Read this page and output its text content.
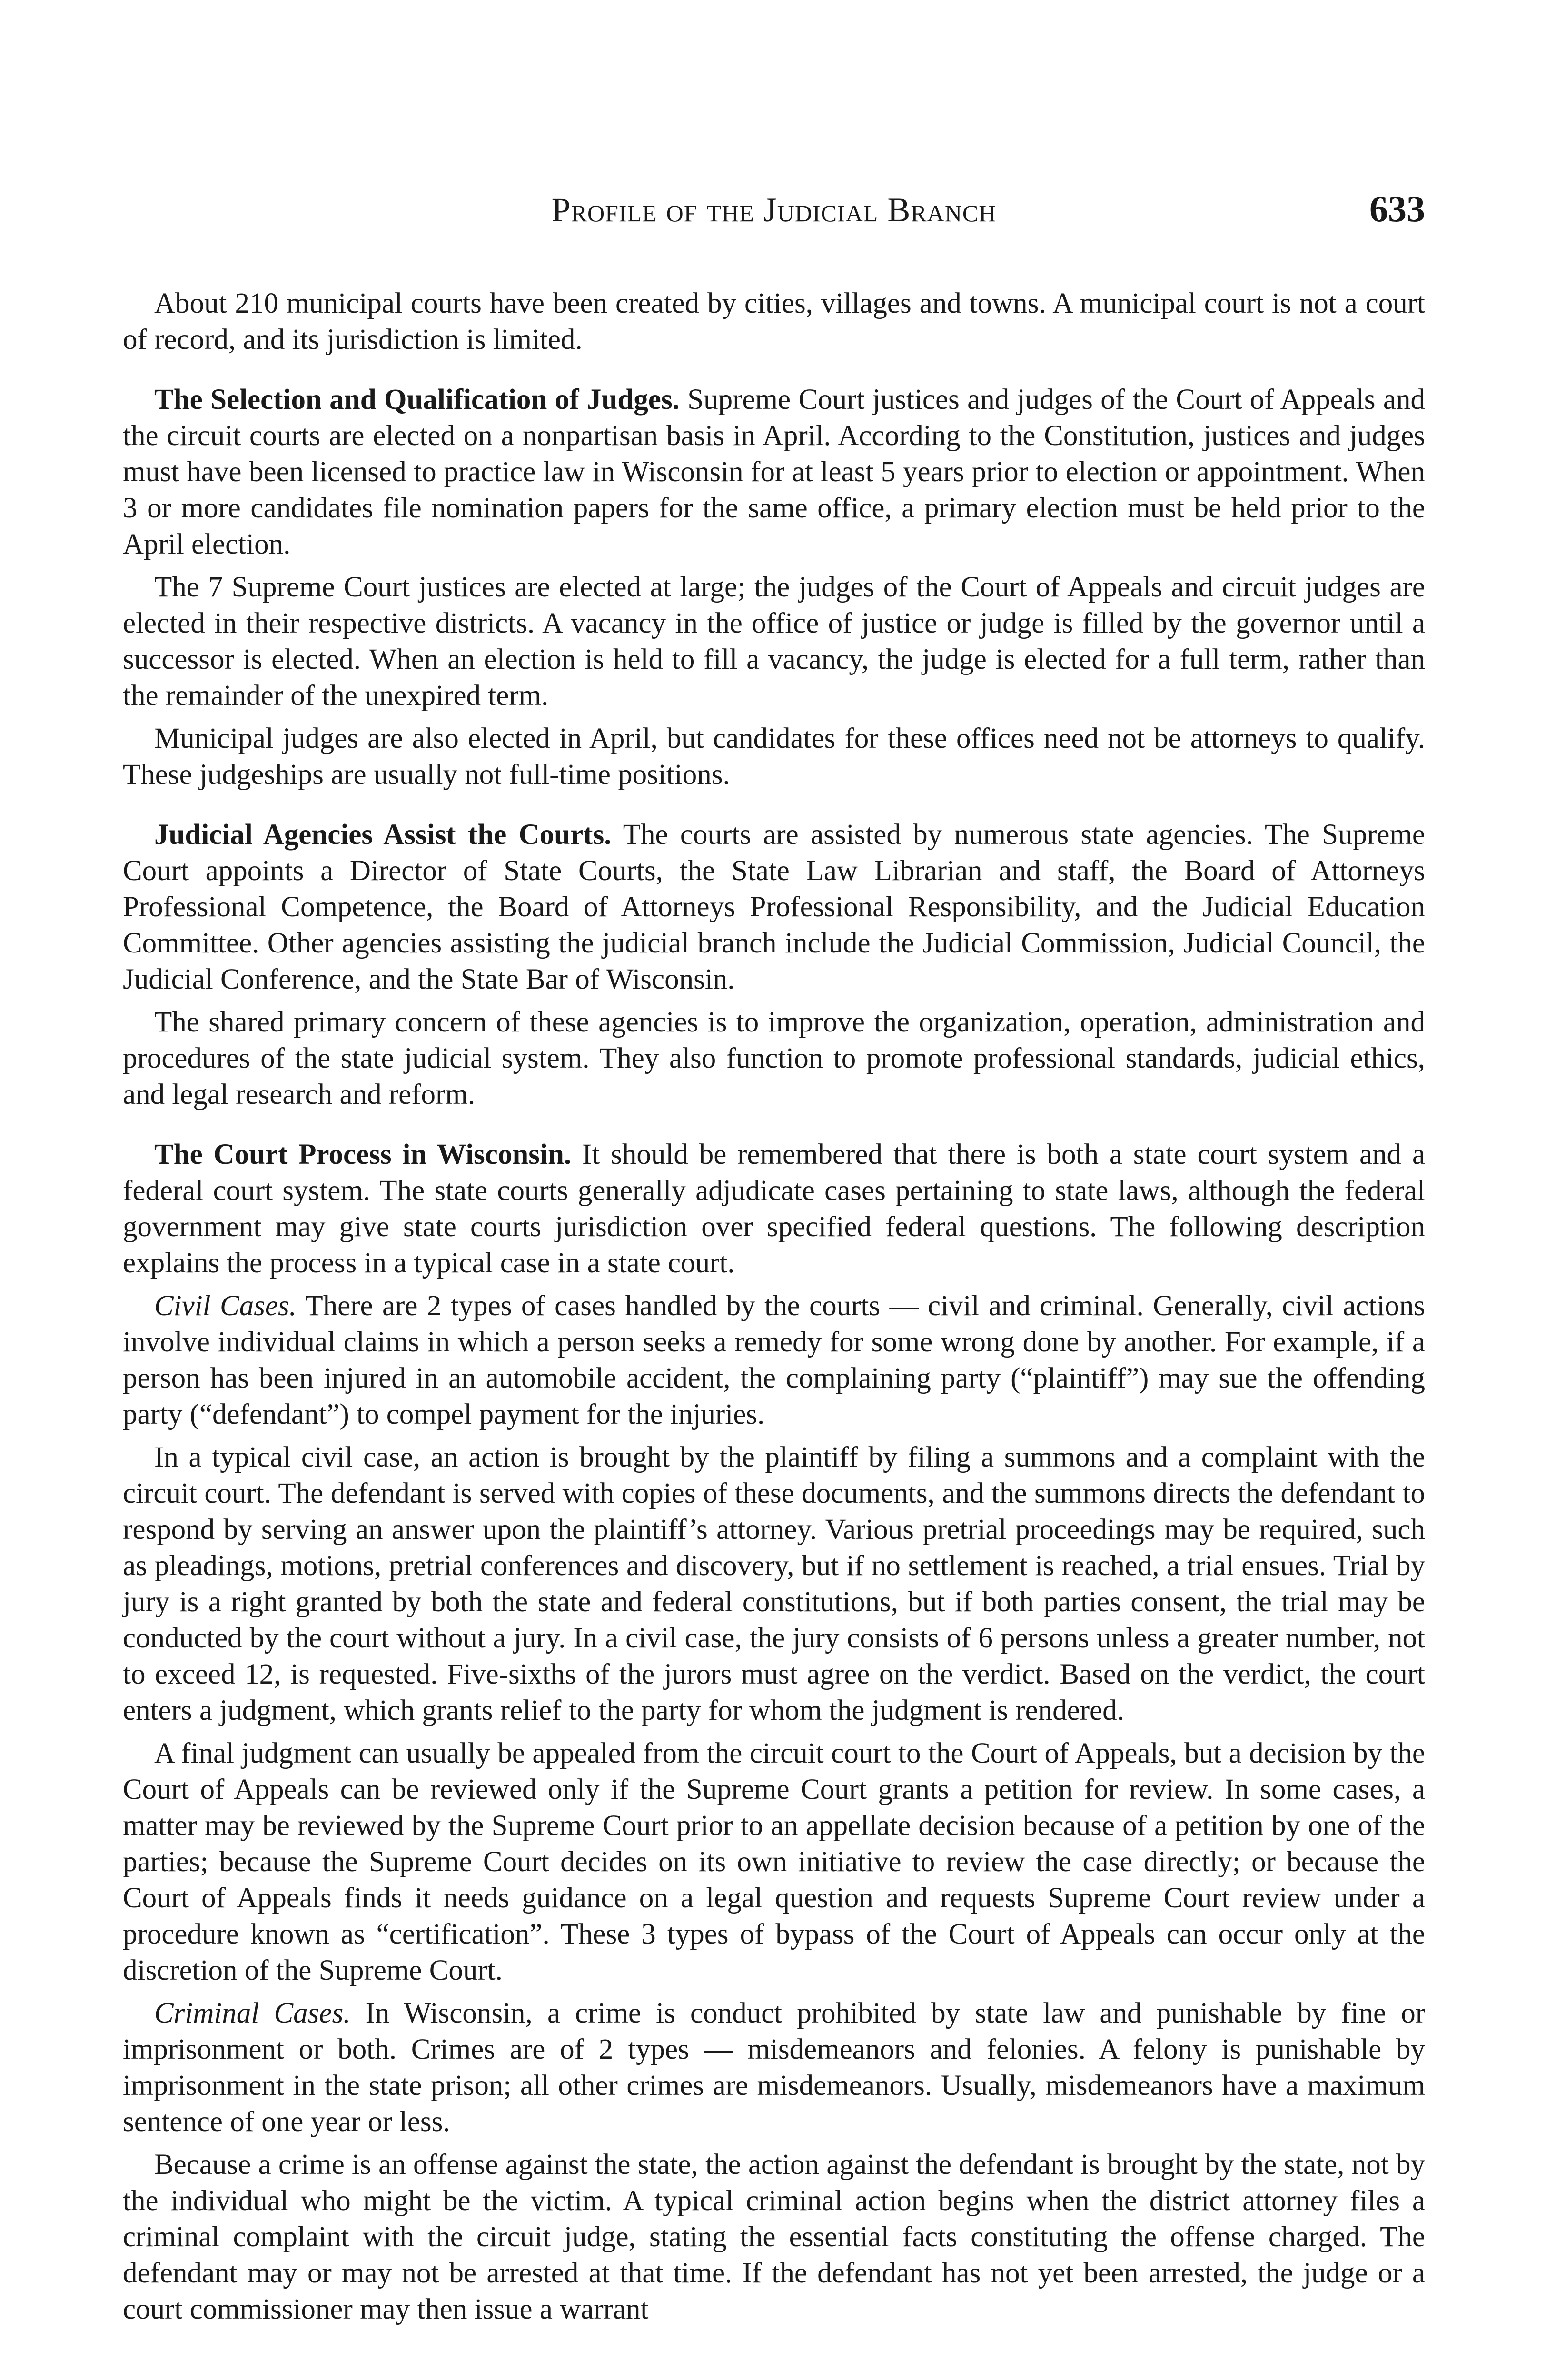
Profile of the Judicial Branch	633

About 210 municipal courts have been created by cities, villages and towns. A municipal court is not a court of record, and its jurisdiction is limited.

The Selection and Qualification of Judges. Supreme Court justices and judges of the Court of Appeals and the circuit courts are elected on a nonpartisan basis in April. According to the Constitution, justices and judges must have been licensed to practice law in Wisconsin for at least 5 years prior to election or appointment. When 3 or more candidates file nomination papers for the same office, a primary election must be held prior to the April election.

The 7 Supreme Court justices are elected at large; the judges of the Court of Appeals and circuit judges are elected in their respective districts. A vacancy in the office of justice or judge is filled by the governor until a successor is elected. When an election is held to fill a vacancy, the judge is elected for a full term, rather than the remainder of the unexpired term.

Municipal judges are also elected in April, but candidates for these offices need not be attorneys to qualify. These judgeships are usually not full-time positions.

Judicial Agencies Assist the Courts. The courts are assisted by numerous state agencies. The Supreme Court appoints a Director of State Courts, the State Law Librarian and staff, the Board of Attorneys Professional Competence, the Board of Attorneys Professional Responsibility, and the Judicial Education Committee. Other agencies assisting the judicial branch include the Judicial Commission, Judicial Council, the Judicial Conference, and the State Bar of Wisconsin.

The shared primary concern of these agencies is to improve the organization, operation, administration and procedures of the state judicial system. They also function to promote professional standards, judicial ethics, and legal research and reform.

The Court Process in Wisconsin. It should be remembered that there is both a state court system and a federal court system. The state courts generally adjudicate cases pertaining to state laws, although the federal government may give state courts jurisdiction over specified federal questions. The following description explains the process in a typical case in a state court.

Civil Cases. There are 2 types of cases handled by the courts — civil and criminal. Generally, civil actions involve individual claims in which a person seeks a remedy for some wrong done by another. For example, if a person has been injured in an automobile accident, the complaining party (“plaintiff”) may sue the offending party (“defendant”) to compel payment for the injuries.

In a typical civil case, an action is brought by the plaintiff by filing a summons and a complaint with the circuit court. The defendant is served with copies of these documents, and the summons directs the defendant to respond by serving an answer upon the plaintiff’s attorney. Various pretrial proceedings may be required, such as pleadings, motions, pretrial conferences and discovery, but if no settlement is reached, a trial ensues. Trial by jury is a right granted by both the state and federal constitutions, but if both parties consent, the trial may be conducted by the court without a jury. In a civil case, the jury consists of 6 persons unless a greater number, not to exceed 12, is requested. Five-sixths of the jurors must agree on the verdict. Based on the verdict, the court enters a judgment, which grants relief to the party for whom the judgment is rendered.

A final judgment can usually be appealed from the circuit court to the Court of Appeals, but a decision by the Court of Appeals can be reviewed only if the Supreme Court grants a petition for review. In some cases, a matter may be reviewed by the Supreme Court prior to an appellate decision because of a petition by one of the parties; because the Supreme Court decides on its own initiative to review the case directly; or because the Court of Appeals finds it needs guidance on a legal question and requests Supreme Court review under a procedure known as “certification”. These 3 types of bypass of the Court of Appeals can occur only at the discretion of the Supreme Court.

Criminal Cases. In Wisconsin, a crime is conduct prohibited by state law and punishable by fine or imprisonment or both. Crimes are of 2 types — misdemeanors and felonies. A felony is punishable by imprisonment in the state prison; all other crimes are misdemeanors. Usually, misdemeanors have a maximum sentence of one year or less.

Because a crime is an offense against the state, the action against the defendant is brought by the state, not by the individual who might be the victim. A typical criminal action begins when the district attorney files a criminal complaint with the circuit judge, stating the essential facts constituting the offense charged. The defendant may or may not be arrested at that time. If the defendant has not yet been arrested, the judge or a court commissioner may then issue a warrant
